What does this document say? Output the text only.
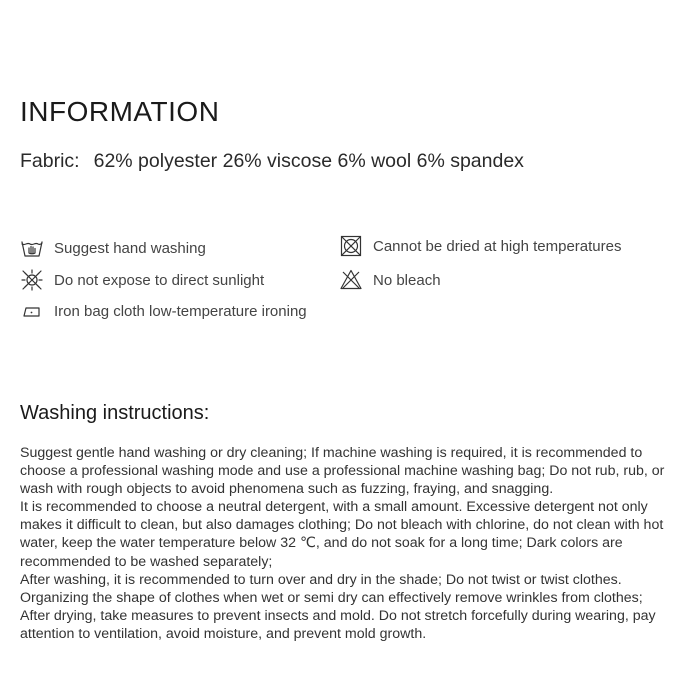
INFORMATION
Fabric: 62% polyester 26% viscose 6% wool 6% spandex
Suggest hand washing
Do not expose to direct sunlight
Iron bag cloth low-temperature ironing
Cannot be dried at high temperatures
No bleach
Washing instructions:

Suggest gentle hand washing or dry cleaning; If machine washing is required, it is recommended to choose a professional washing mode and use a professional machine washing bag; Do not rub, rub, or wash with rough objects to avoid phenomena such as fuzzing, fraying, and snagging.

It is recommended to choose a neutral detergent, with a small amount. Excessive detergent not only makes it difficult to clean, but also damages clothing; Do not bleach with chlorine, do not clean with hot water, keep the water temperature below 32 ℃, and do not soak for a long time; Dark colors are recommended to be washed separately;

After washing, it is recommended to turn over and dry in the shade; Do not twist or twist clothes. Organizing the shape of clothes when wet or semi dry can effectively remove wrinkles from clothes;

After drying, take measures to prevent insects and mold. Do not stretch forcefully during wearing, pay attention to ventilation, avoid moisture, and prevent mold growth.
